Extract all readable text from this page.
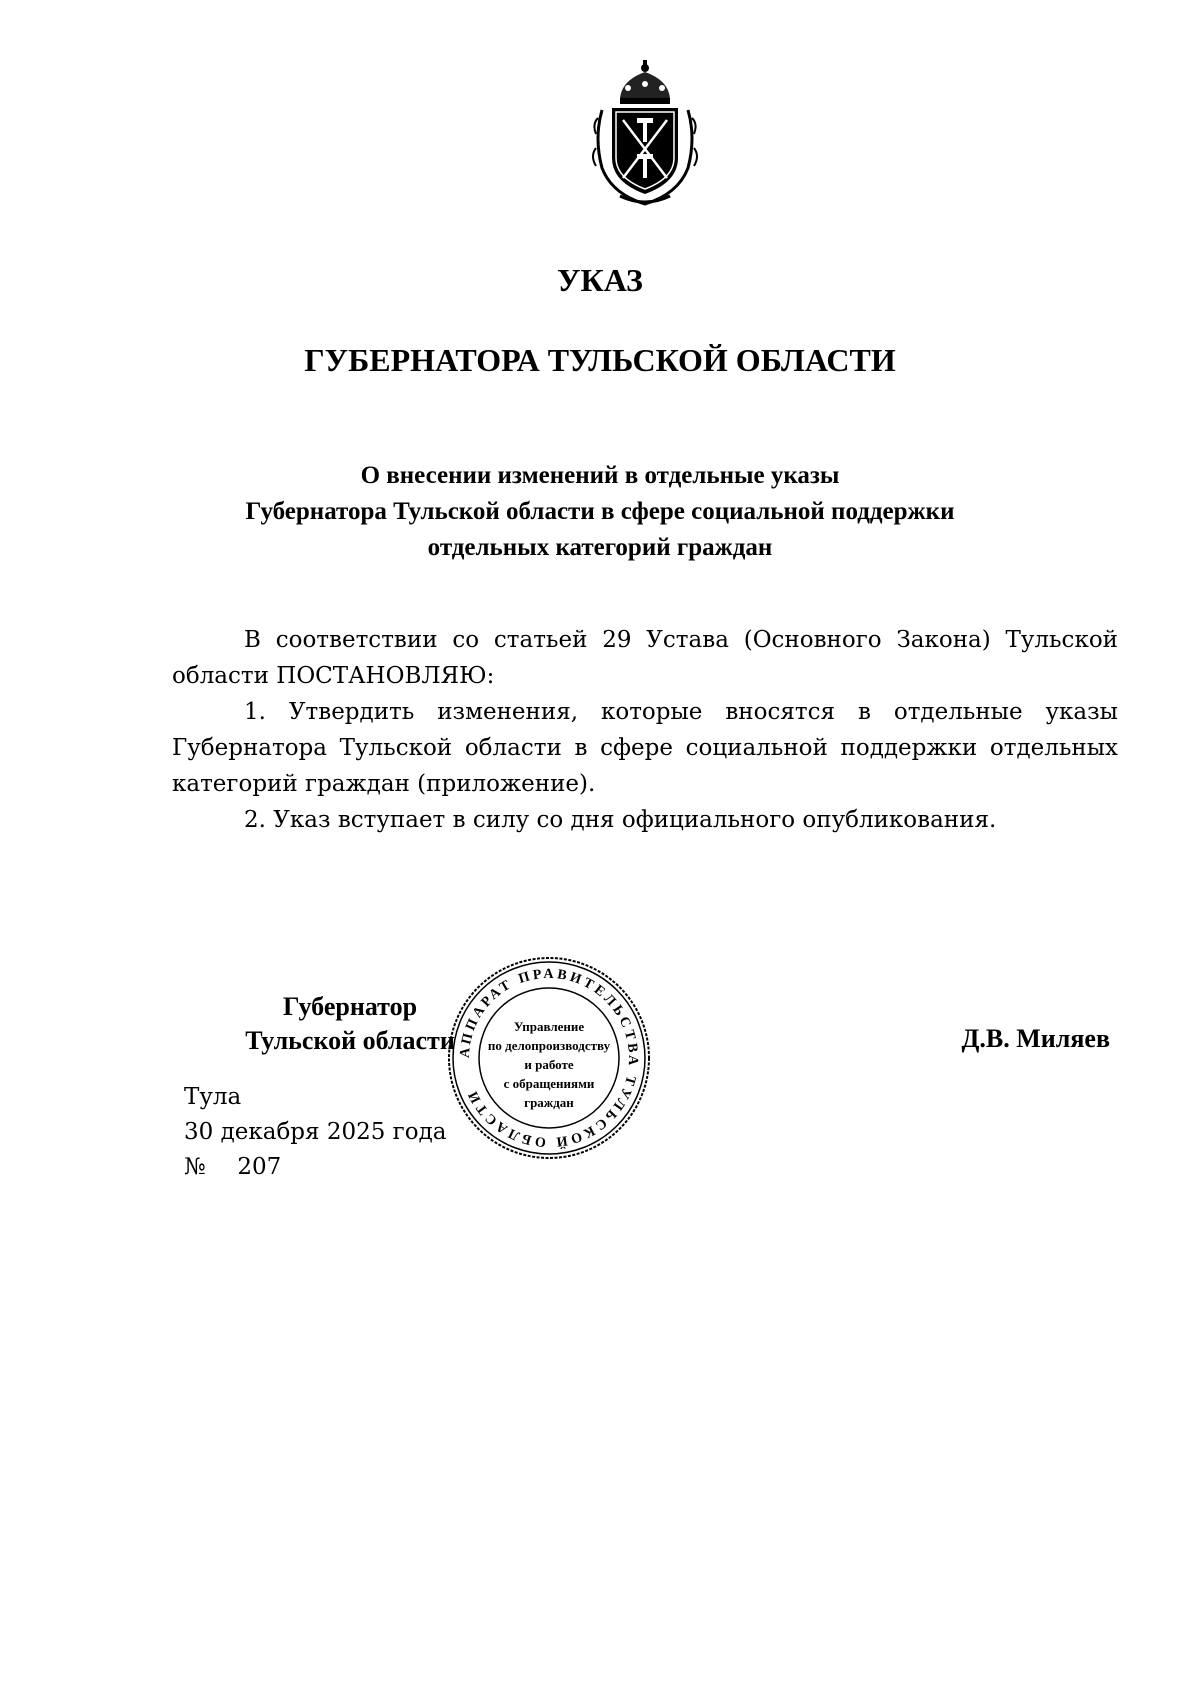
УКАЗ
ГУБЕРНАТОРА ТУЛЬСКОЙ ОБЛАСТИ
О внесении изменений в отдельные указы
Губернатора Тульской области в сфере социальной поддержки
отдельных категорий граждан

В соответствии со статьей 29 Устава (Основного Закона) Тульской области ПОСТАНОВЛЯЮ:

1. Утвердить изменения, которые вносятся в отдельные указы Губернатора Тульской области в сфере социальной поддержки отдельных категорий граждан (приложение).

2. Указ вступает в силу со дня официального опубликования.

Губернатор
Тульской области	Д.В. Миляев
Тула
30 декабря 2025 года
№ 207
АППАРАТ ПРАВИТЕЛЬСТВА ТУЛЬСКОЙ ОБЛАСТИ
Управление
по делопроизводству
и работе
с обращениями
граждан
